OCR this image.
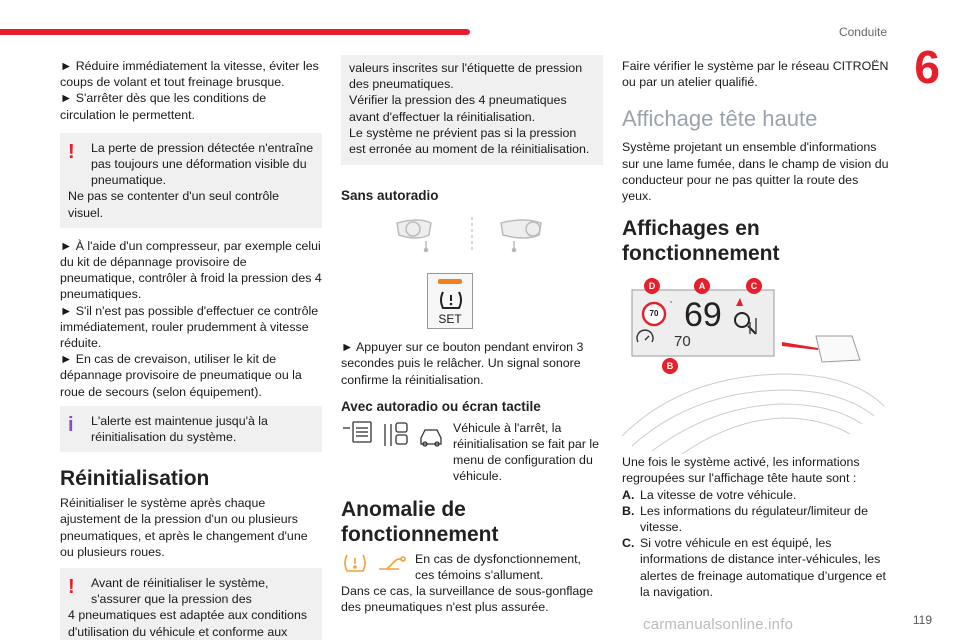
Conduite
6
► Réduire immédiatement la vitesse, éviter les coups de volant et tout freinage brusque.
► S'arrêter dès que les conditions de circulation le permettent.
!	La perte de pression détectée n'entraîne pas toujours une déformation visible du pneumatique.
Ne pas se contenter d'un seul contrôle visuel.
► À l'aide d'un compresseur, par exemple celui du kit de dépannage provisoire de pneumatique, contrôler à froid la pression des 4 pneumatiques.
► S'il n'est pas possible d'effectuer ce contrôle immédiatement, rouler prudemment à vitesse réduite.
► En cas de crevaison, utiliser le kit de dépannage provisoire de pneumatique ou la roue de secours (selon équipement).
i	L'alerte est maintenue jusqu'à la réinitialisation du système.
Réinitialisation
Réinitialiser le système après chaque ajustement de la pression d'un ou plusieurs pneumatiques, et après le changement d'une ou plusieurs roues.
!	Avant de réinitialiser le système, s'assurer que la pression des
4 pneumatiques est adaptée aux conditions d'utilisation du véhicule et conforme aux
valeurs inscrites sur l'étiquette de pression des pneumatiques.
Vérifier la pression des 4 pneumatiques avant d'effectuer la réinitialisation.
Le système ne prévient pas si la pression est erronée au moment de la réinitialisation.
Sans autoradio
SET
► Appuyer sur ce bouton pendant environ 3 secondes puis le relâcher. Un signal sonore confirme la réinitialisation.
Avec autoradio ou écran tactile
Véhicule à l'arrêt, la réinitialisation se fait par le menu de configuration du véhicule.
Anomalie de fonctionnement
En cas de dysfonctionnement, ces témoins s'allument.
Dans ce cas, la surveillance de sous-gonflage des pneumatiques n'est plus assurée.
Faire vérifier le système par le réseau CITROËN ou par un atelier qualifié.
Affichage tête haute
Système projetant un ensemble d'informations sur une lame fumée, dans le champ de vision du conducteur pour ne pas quitter la route des yeux.
Affichages en fonctionnement
70 69
70
D	A	C
B
Une fois le système activé, les informations regroupées sur l'affichage tête haute sont :
A. La vitesse de votre véhicule.
B. Les informations du régulateur/limiteur de vitesse.
C. Si votre véhicule en est équipé, les informations de distance inter-véhicules, les alertes de freinage automatique d’urgence et la navigation.
carmanualsonline.info	119
